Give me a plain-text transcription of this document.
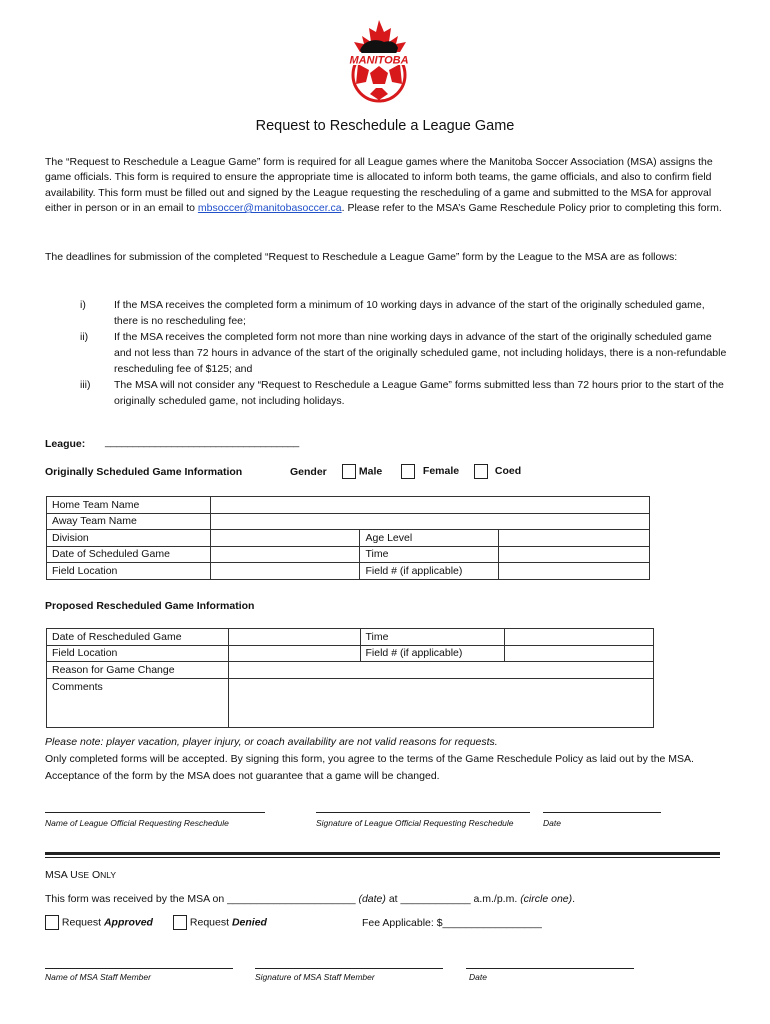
MANITOBA
Request to Reschedule a League Game
The “Request to Reschedule a League Game” form is required for all League games where the Manitoba Soccer Association (MSA) assigns the game officials. This form is required to ensure the appropriate time is allocated to inform both teams, the game officials, and also to confirm field availability. This form must be filled out and signed by the League requesting the rescheduling of a game and submitted to the MSA for approval either in person or in an email to mbsoccer@manitobasoccer.ca. Please refer to the MSA’s Game Reschedule Policy prior to completing this form.
The deadlines for submission of the completed “Request to Reschedule a League Game” form by the League to the MSA are as follows:
i)	If the MSA receives the completed form a minimum of 10 working days in advance of the start of the originally scheduled game, there is no rescheduling fee;
ii)	If the MSA receives the completed form not more than nine working days in advance of the start of the originally scheduled game and not less than 72 hours in advance of the start of the originally scheduled game, not including holidays, there is a non-refundable rescheduling fee of $125; and
iii)	The MSA will not consider any “Request to Reschedule a League Game” forms submitted less than 72 hours prior to the start of the originally scheduled game, not including holidays.
League: ___________________________________
Originally Scheduled Game Information	Gender	Male	Female	Coed
Home Team Name			
Away Team Name			
Division		Age Level	
Date of Scheduled Game		Time	
Field Location		Field # (if applicable)	
Proposed Rescheduled Game Information
Date of Rescheduled Game		Time	
Field Location		Field # (if applicable)	
Reason for Game Change			
Comments			
Please note: player vacation, player injury, or coach availability are not valid reasons for requests.
Only completed forms will be accepted. By signing this form, you agree to the terms of the Game Reschedule Policy as laid out by the MSA. Acceptance of the form by the MSA does not guarantee that a game will be changed.
Name of League Official Requesting Reschedule	Signature of League Official Requesting Reschedule	Date
MSA USE ONLY
This form was received by the MSA on ______________________ (date) at ____________ a.m./p.m. (circle one).
Request Approved	Request Denied	Fee Applicable: $_________________
Name of MSA Staff Member	Signature of MSA Staff Member	Date
